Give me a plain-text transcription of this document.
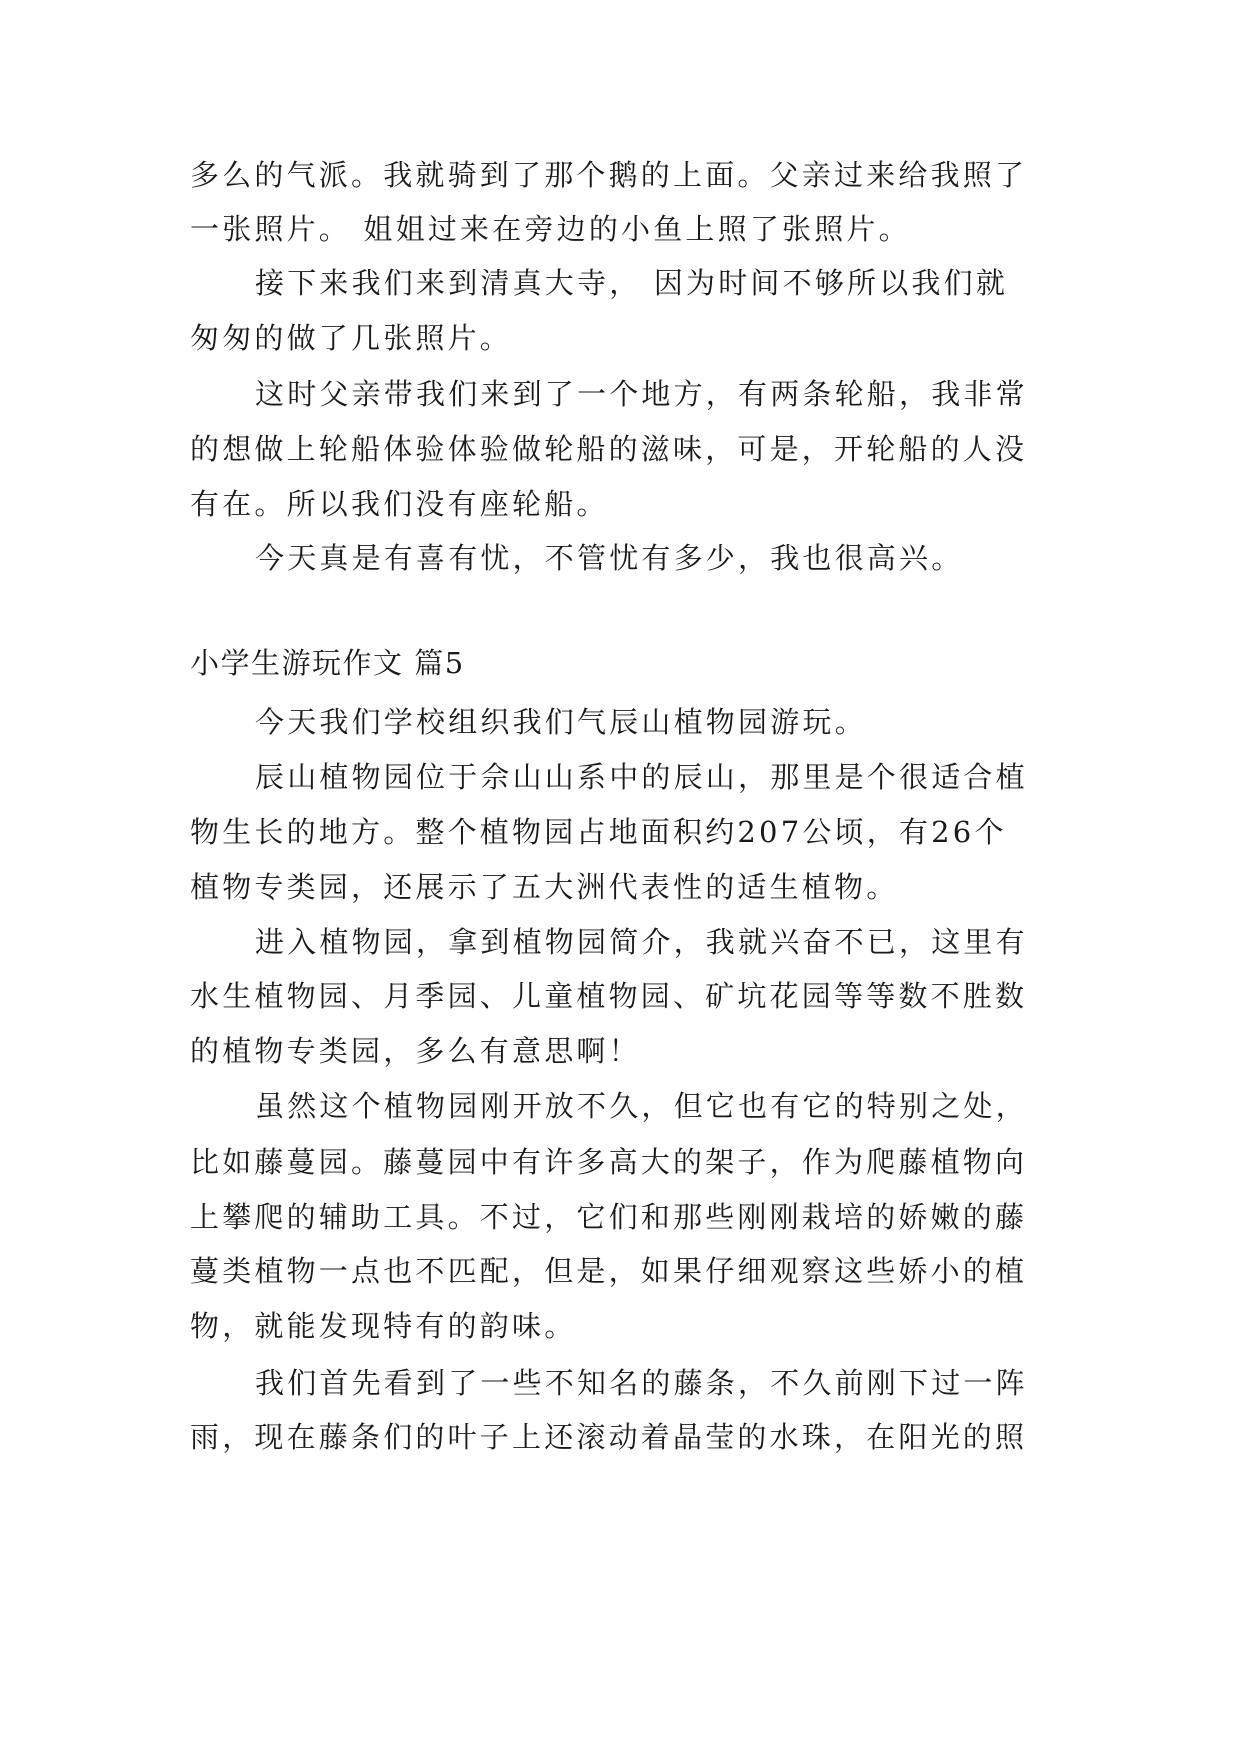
多么的气派。我就骑到了那个鹅的上面。父亲过来给我照了
一张照片。 姐姐过来在旁边的小鱼上照了张照片。
接下来我们来到清真大寺， 因为时间不够所以我们就
匆匆的做了几张照片。
这时父亲带我们来到了一个地方，有两条轮船，我非常
的想做上轮船体验体验做轮船的滋味，可是，开轮船的人没
有在。所以我们没有座轮船。
今天真是有喜有忧，不管忧有多少，我也很高兴。
小学生游玩作文 篇5
今天我们学校组织我们气辰山植物园游玩。
辰山植物园位于佘山山系中的辰山，那里是个很适合植
物生长的地方。整个植物园占地面积约207公顷，有26个
植物专类园，还展示了五大洲代表性的适生植物。
进入植物园，拿到植物园简介，我就兴奋不已，这里有
水生植物园、月季园、儿童植物园、矿坑花园等等数不胜数
的植物专类园，多么有意思啊！
虽然这个植物园刚开放不久，但它也有它的特别之处，
比如藤蔓园。藤蔓园中有许多高大的架子，作为爬藤植物向
上攀爬的辅助工具。不过，它们和那些刚刚栽培的娇嫩的藤
蔓类植物一点也不匹配，但是，如果仔细观察这些娇小的植
物，就能发现特有的韵味。
我们首先看到了一些不知名的藤条，不久前刚下过一阵
雨，现在藤条们的叶子上还滚动着晶莹的水珠，在阳光的照
